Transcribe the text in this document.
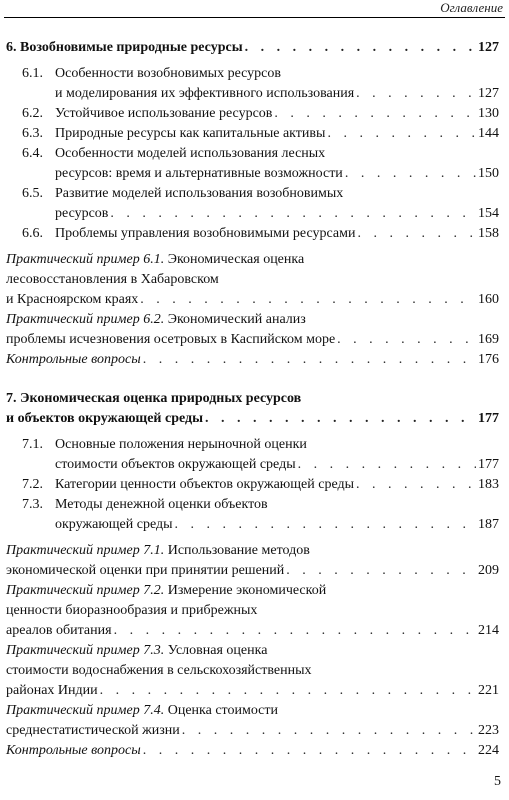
Оглавление
6. Возобновимые природные ресурсы . . .	127
6.1. Особенности возобновимых ресурсов
и моделирования их эффективного использования . . .	127
6.2. Устойчивое использование ресурсов . . .	130
6.3. Природные ресурсы как капитальные активы . . .	144
6.4. Особенности моделей использования лесных
ресурсов: время и альтернативные возможности . . .	150
6.5. Развитие моделей использования возобновимых
ресурсов . . .	154
6.6. Проблемы управления возобновимыми ресурсами . . .	158
Практический пример 6.1. Экономическая оценка
лесовосстановления в Хабаровском
и Красноярском краях . . .	160
Практический пример 6.2. Экономический анализ
проблемы исчезновения осетровых в Каспийском море . . .	169
Контрольные вопросы . . .	176
7. Экономическая оценка природных ресурсов
и объектов окружающей среды . . .	177
7.1. Основные положения нерыночной оценки
стоимости объектов окружающей среды . . .	177
7.2. Категории ценности объектов окружающей среды . . .	183
7.3. Методы денежной оценки объектов
окружающей среды . . .	187
Практический пример 7.1. Использование методов
экономической оценки при принятии решений . . .	209
Практический пример 7.2. Измерение экономической
ценности биоразнообразия и прибрежных
ареалов обитания . . .	214
Практический пример 7.3. Условная оценка
стоимости водоснабжения в сельскохозяйственных
районах Индии . . .	221
Практический пример 7.4. Оценка стоимости
среднестатистической жизни . . .	223
Контрольные вопросы . . .	224
5
